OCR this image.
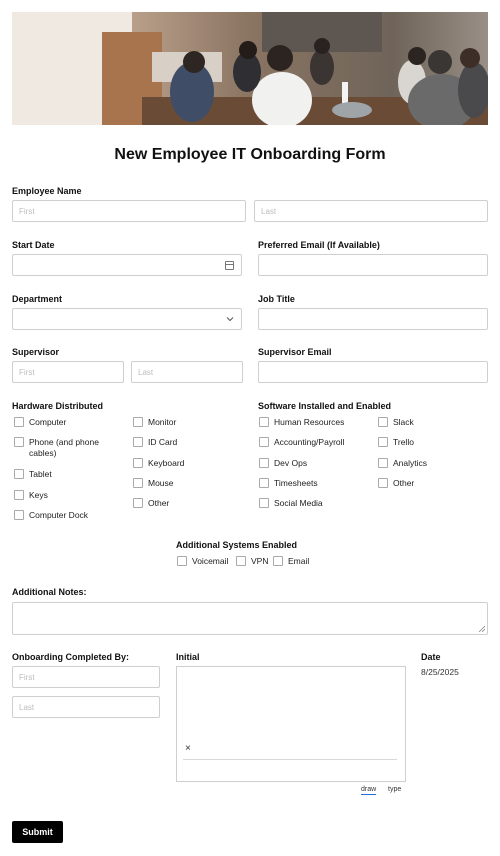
New Employee IT Onboarding Form
Employee Name
First
Last
Start Date	Preferred Email (If Available)
Department	Job Title
Supervisor
First
Last	Supervisor Email
Hardware Distributed
Computer
Phone (and phone cables)
Tablet
Keys
Computer Dock
Monitor
ID Card
Keyboard
Mouse
Other
Software Installed and Enabled
Human Resources
Accounting/Payroll
Dev Ops
Timesheets
Social Media
Slack
Trello
Analytics
Other
Additional Systems Enabled
Voicemail	VPN Email
Additional Notes:
Onboarding Completed By:
First
Last	Initial
×
draw type
Date
8/25/2025
Submit
